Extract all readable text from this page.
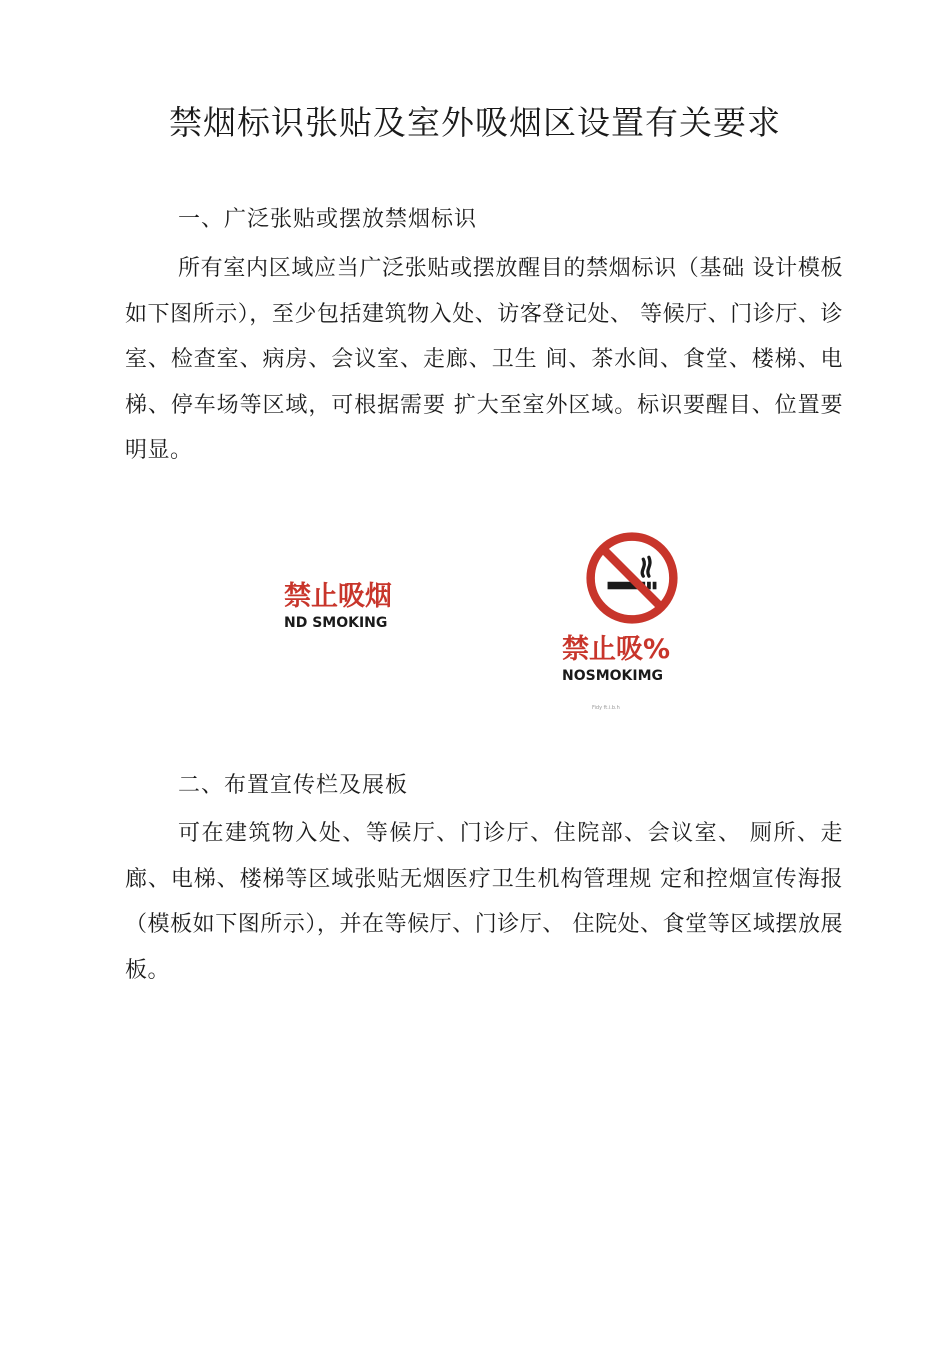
禁烟标识张贴及室外吸烟区设置有关要求
一、广泛张贴或摆放禁烟标识
所有室内区域应当广泛张贴或摆放醒目的禁烟标识（基础 设计模板如下图所示），至少包括建筑物入处、访客登记处、 等候厅、门诊厅、诊室、检查室、病房、会议室、走廊、卫生 间、茶水间、食堂、楼梯、电梯、停车场等区域，可根据需要 扩大至室外区域。标识要醒目、位置要明显。
禁止吸烟
ND SMOKING
禁止吸%
NOSMOKIMG
Fidy ft.i.b.h
二、布置宣传栏及展板
可在建筑物入处、等候厅、门诊厅、住院部、会议室、 厕所、走廊、电梯、楼梯等区域张贴无烟医疗卫生机构管理规 定和控烟宣传海报（模板如下图所示），并在等候厅、门诊厅、 住院处、食堂等区域摆放展板。
